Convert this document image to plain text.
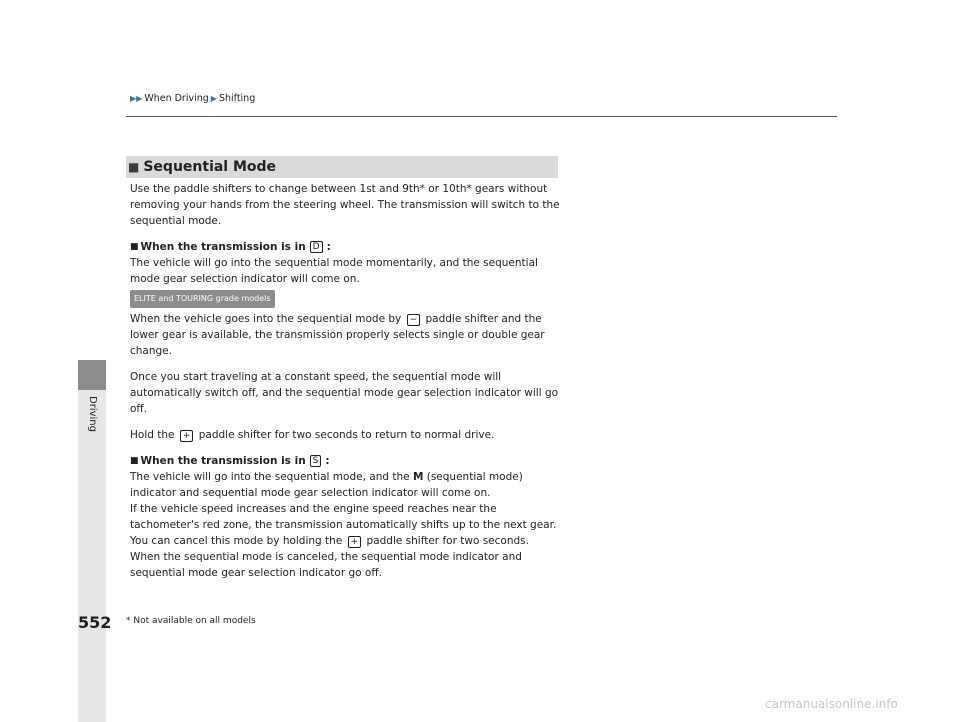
Driving
▶▶ When Driving ▶ Shifting
■ Sequential Mode

Use the paddle shifters to change between 1st and 9th* or 10th* gears without removing your hands from the steering wheel. The transmission will switch to the sequential mode.

■ When the transmission is in D :

The vehicle will go into the sequential mode momentarily, and the sequential mode gear selection indicator will come on.

ELITE and TOURING grade models

When the vehicle goes into the sequential mode by − paddle shifter and the lower gear is available, the transmission properly selects single or double gear change.

Once you start traveling at a constant speed, the sequential mode will automatically switch off, and the sequential mode gear selection indicator will go off.

Hold the + paddle shifter for two seconds to return to normal drive.

■ When the transmission is in S :

The vehicle will go into the sequential mode, and the M (sequential mode) indicator and sequential mode gear selection indicator will come on.

If the vehicle speed increases and the engine speed reaches near the tachometer's red zone, the transmission automatically shifts up to the next gear.

You can cancel this mode by holding the + paddle shifter for two seconds. When the sequential mode is canceled, the sequential mode indicator and sequential mode gear selection indicator go off.

552 * Not available on all models
carmanualsonline.info
